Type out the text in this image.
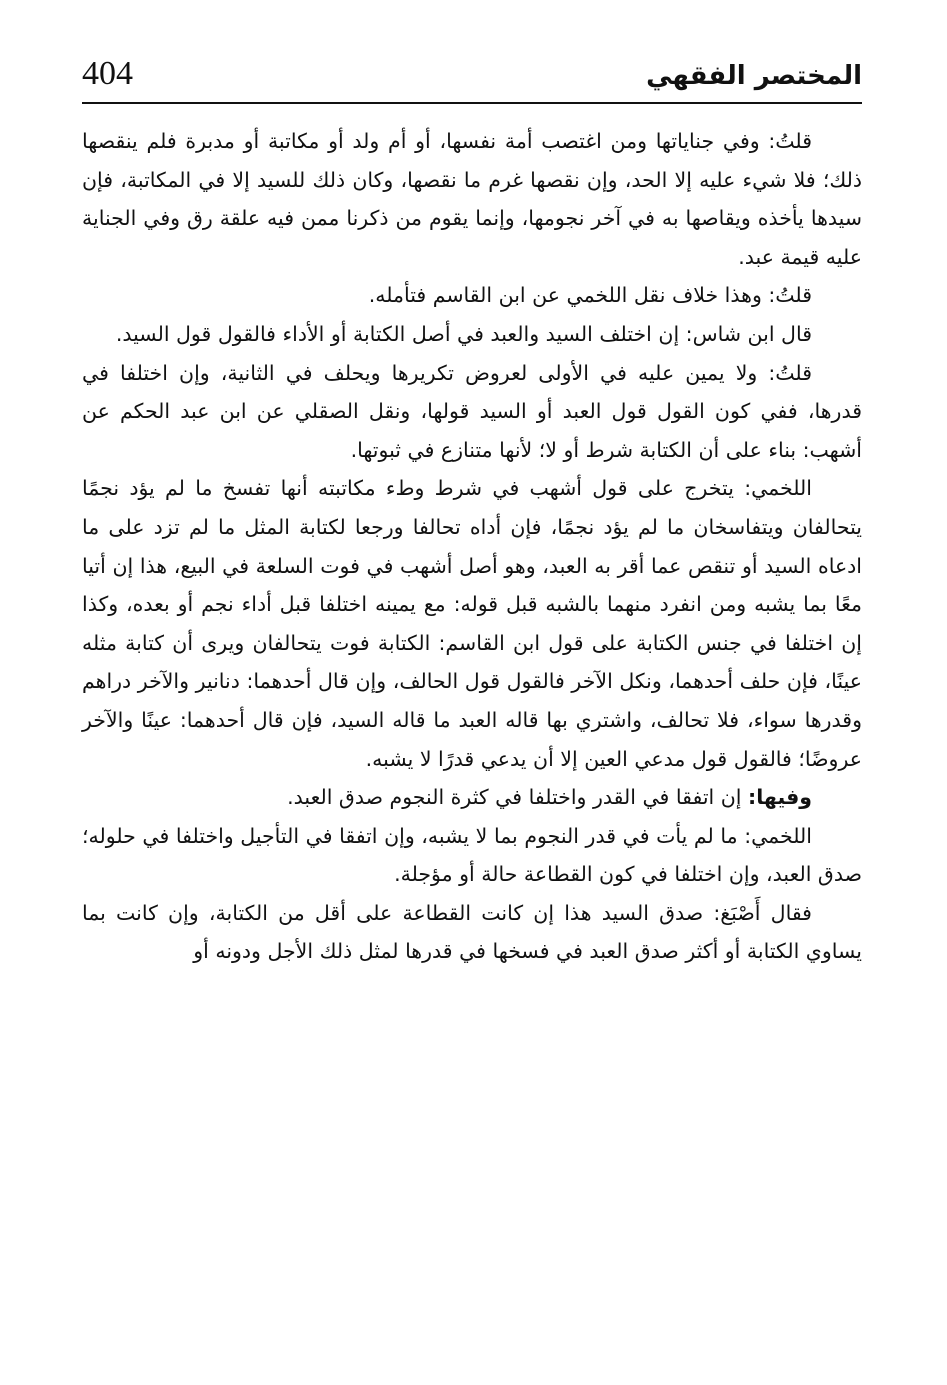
404	المختصر الفقهي

قلتُ: وفي جناياتها ومن اغتصب أمة نفسها، أو أم ولد أو مكاتبة أو مدبرة فلم ينقصها ذلك؛ فلا شيء عليه إلا الحد، وإن نقصها غرم ما نقصها، وكان ذلك للسيد إلا في المكاتبة، فإن سيدها يأخذه ويقاصها به في آخر نجومها، وإنما يقوم من ذكرنا ممن فيه علقة رق وفي الجناية عليه قيمة عبد.

قلتُ: وهذا خلاف نقل اللخمي عن ابن القاسم فتأمله.

قال ابن شاس: إن اختلف السيد والعبد في أصل الكتابة أو الأداء فالقول قول السيد.

قلتُ: ولا يمين عليه في الأولى لعروض تكريرها ويحلف في الثانية، وإن اختلفا في قدرها، ففي كون القول قول العبد أو السيد قولها، ونقل الصقلي عن ابن عبد الحكم عن أشهب: بناء على أن الكتابة شرط أو لا؛ لأنها متنازع في ثبوتها.

اللخمي: يتخرج على قول أشهب في شرط وطء مكاتبته أنها تفسخ ما لم يؤد نجمًا يتحالفان ويتفاسخان ما لم يؤد نجمًا، فإن أداه تحالفا ورجعا لكتابة المثل ما لم تزد على ما ادعاه السيد أو تنقص عما أقر به العبد، وهو أصل أشهب في فوت السلعة في البيع، هذا إن أتيا معًا بما يشبه ومن انفرد منهما بالشبه قبل قوله: مع يمينه اختلفا قبل أداء نجم أو بعده، وكذا إن اختلفا في جنس الكتابة على قول ابن القاسم: الكتابة فوت يتحالفان ويرى أن كتابة مثله عينًا، فإن حلف أحدهما، ونكل الآخر فالقول قول الحالف، وإن قال أحدهما: دنانير والآخر دراهم وقدرها سواء، فلا تحالف، واشتري بها قاله العبد ما قاله السيد، فإن قال أحدهما: عينًا والآخر عروضًا؛ فالقول قول مدعي العين إلا أن يدعي قدرًا لا يشبه.

وفيها: إن اتفقا في القدر واختلفا في كثرة النجوم صدق العبد.

اللخمي: ما لم يأت في قدر النجوم بما لا يشبه، وإن اتفقا في التأجيل واختلفا في حلوله؛ صدق العبد، وإن اختلفا في كون القطاعة حالة أو مؤجلة.

فقال أَصْبَغ: صدق السيد هذا إن كانت القطاعة على أقل من الكتابة، وإن كانت بما يساوي الكتابة أو أكثر صدق العبد في فسخها في قدرها لمثل ذلك الأجل ودونه أو
